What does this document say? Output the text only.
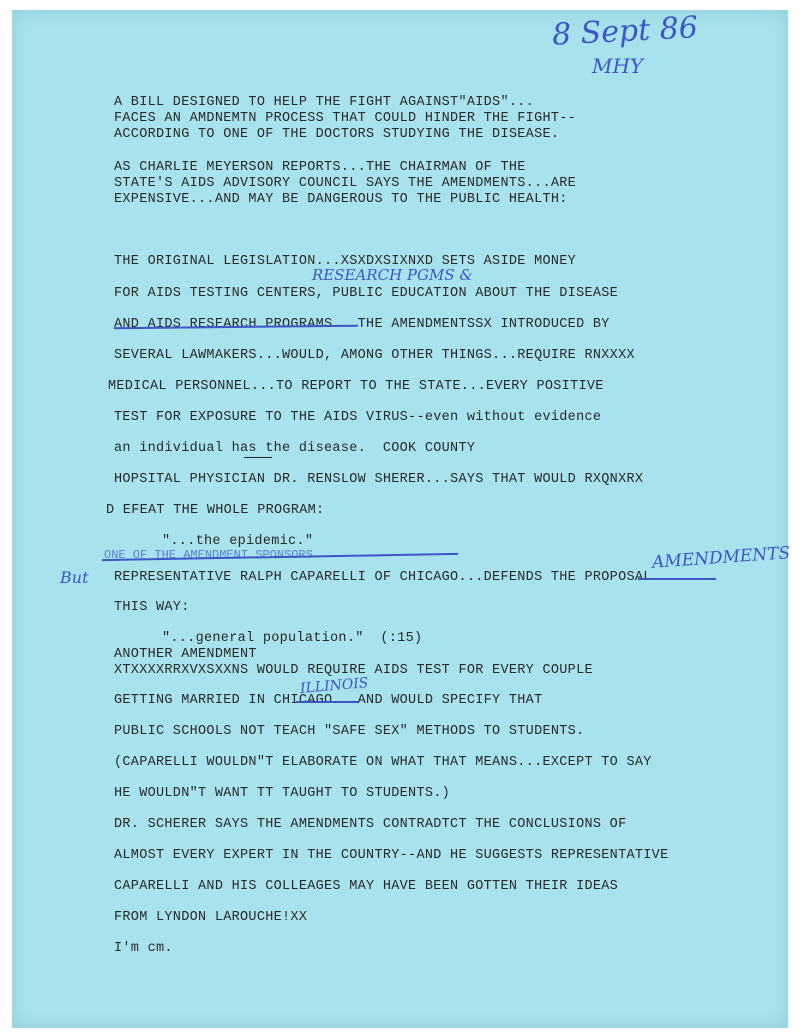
8 Sept 86
MHY
A BILL DESIGNED TO HELP THE FIGHT AGAINST"AIDS"...
FACES AN AMDNEMTN PROCESS THAT COULD HINDER THE FIGHT--
ACCORDING TO ONE OF THE DOCTORS STUDYING THE DISEASE.
AS CHARLIE MEYERSON REPORTS...THE CHAIRMAN OF THE
STATE'S AIDS ADVISORY COUNCIL SAYS THE AMENDMENTS...ARE
EXPENSIVE...AND MAY BE DANGEROUS TO THE PUBLIC HEALTH:
RESEARCH PGMS &
THE ORIGINAL LEGISLATION...XSXDXSIXNXD SETS ASIDE MONEY
FOR AIDS TESTING CENTERS, PUBLIC EDUCATION ABOUT THE DISEASE
AND AIDS RESEARCH PROGRAMS.  THE AMENDMENTSSX INTRODUCED BY
SEVERAL LAWMAKERS...WOULD, AMONG OTHER THINGS...REQUIRE RNXXXX
MEDICAL PERSONNEL...TO REPORT TO THE STATE...EVERY POSITIVE
TEST FOR EXPOSURE TO THE AIDS VIRUS--even without evidence
an individual has the disease.  COOK COUNTY
HOPSITAL PHYSICIAN DR. RENSLOW SHERER...SAYS THAT WOULD RXQNXRX
D EFEAT THE WHOLE PROGRAM:
"...the epidemic."
ONE OF THE AMENDMENT SPONSORS
But
AMENDMENTS
REPRESENTATIVE RALPH CAPARELLI OF CHICAGO...DEFENDS THE PROPOSAL
THIS WAY:
"...general population."  (:15)
ANOTHER AMENDMENT
XTXXXXRRXVXSXXNS WOULD REQUIRE AIDS TEST FOR EVERY COUPLE
ILLINOIS
GETTING MARRIED IN CHICAGO...AND WOULD SPECIFY THAT
PUBLIC SCHOOLS NOT TEACH "SAFE SEX" METHODS TO STUDENTS.
(CAPARELLI WOULDN"T ELABORATE ON WHAT THAT MEANS...EXCEPT TO SAY
HE WOULDN"T WANT TT TAUGHT TO STUDENTS.)
DR. SCHERER SAYS THE AMENDMENTS CONTRADTCT THE CONCLUSIONS OF
ALMOST EVERY EXPERT IN THE COUNTRY--AND HE SUGGESTS REPRESENTATIVE
CAPARELLI AND HIS COLLEAGES MAY HAVE BEEN GOTTEN THEIR IDEAS
FROM LYNDON LAROUCHE!XX
I'm cm.
